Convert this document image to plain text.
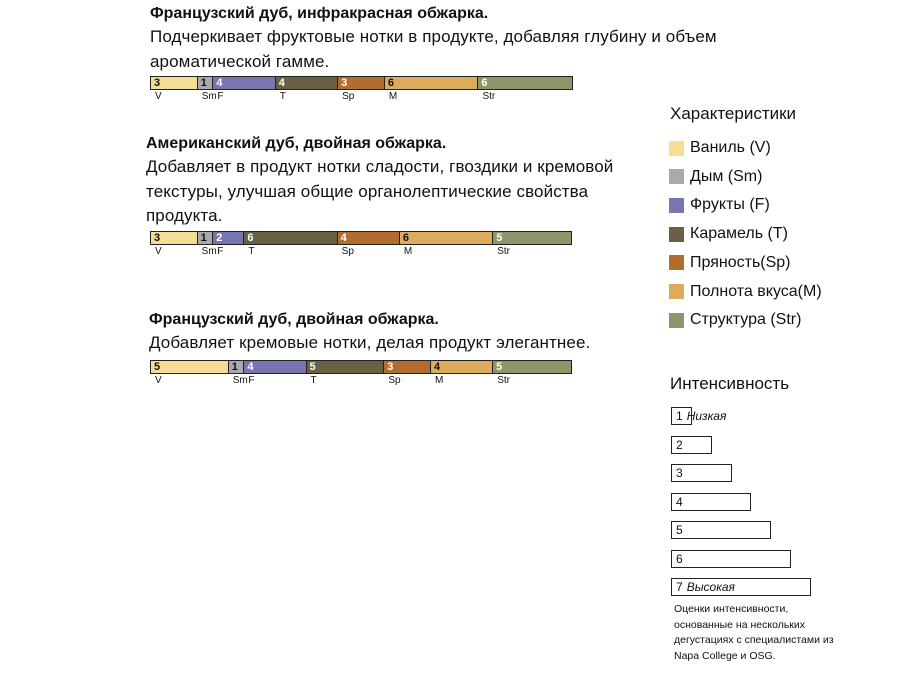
Французский дуб, инфракрасная обжарка.
Подчеркивает фруктовые нотки в продукте, добавляя глубину и объем ароматической гамме.
3	1 4	4	3	6	6
Американский дуб, двойная обжарка.
Добавляет в продукт нотки сладости, гвоздики и кремовой текстуры, улучшая общие органолептические свойства продукта.
3	1 2	6	4	6	5
Французский дуб, двойная обжарка.
Добавляет кремовые нотки, делая продукт элегантнее.
5	1 4	5	3	4	5
Характеристики
Ваниль (V)
Дым (Sm)
Фрукты (F)
Карамель (T)
Пряность(Sp)
Полнота вкуса(M)
Структура (Str)
Интенсивность
1 Низкая
2
3
4
5
6
7 Высокая
Оценки интенсивности, основанные на нескольких дегустациях с специалистами из Napa College и OSG.
V	Sm F	T	Sp	M	Str
V	Sm F	T	Sp	M	Str
V	Sm F	T	Sp	M	Str
